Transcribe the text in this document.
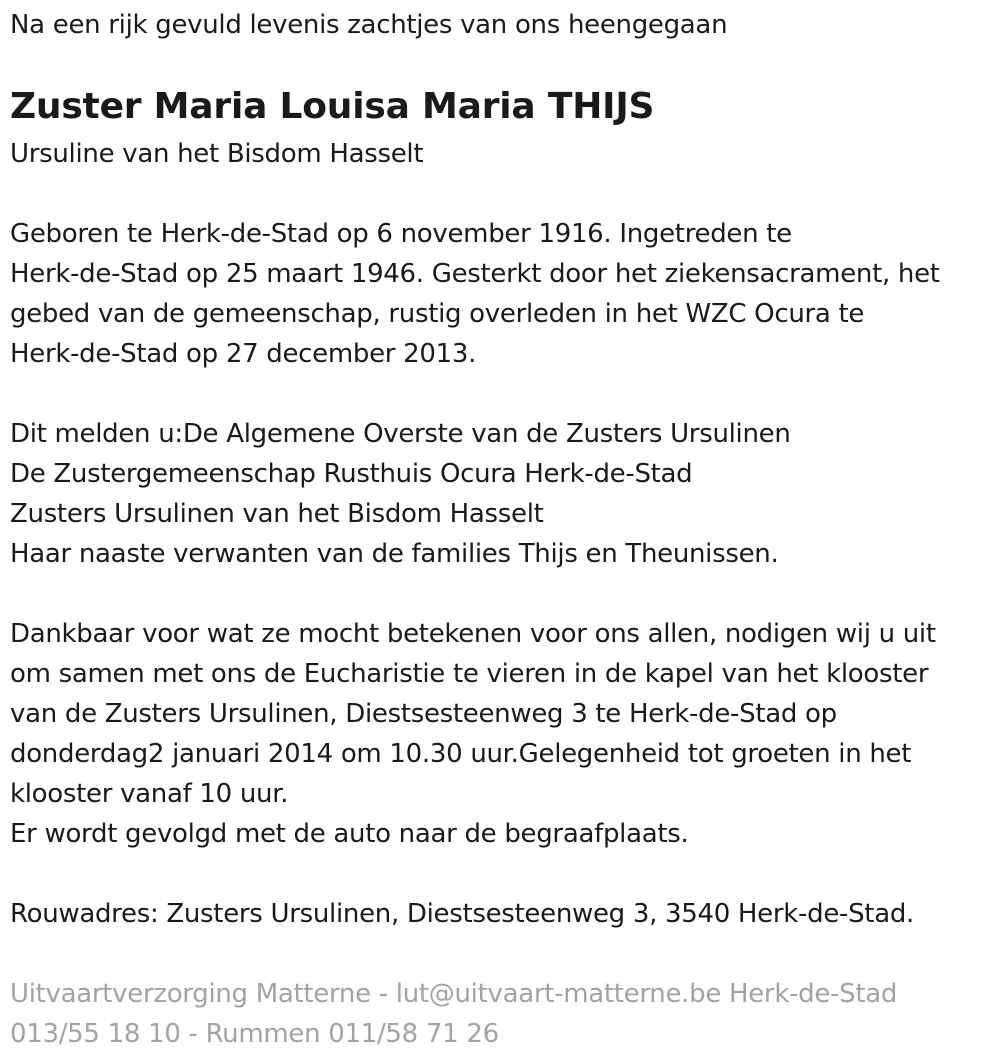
Na een rijk gevuld levenis zachtjes van ons heengegaan
Zuster Maria Louisa Maria THIJS
Ursuline van het Bisdom Hasselt
Geboren te Herk-de-Stad op 6 november 1916. Ingetreden te
Herk-de-Stad op 25 maart 1946. Gesterkt door het ziekensacrament, het
gebed van de gemeenschap, rustig overleden in het WZC Ocura te
Herk-de-Stad op 27 december 2013.
Dit melden u:De Algemene Overste van de Zusters Ursulinen
De Zustergemeenschap Rusthuis Ocura Herk-de-Stad
Zusters Ursulinen van het Bisdom Hasselt
Haar naaste verwanten van de families Thijs en Theunissen.
Dankbaar voor wat ze mocht betekenen voor ons allen, nodigen wij u uit
om samen met ons de Eucharistie te vieren in de kapel van het klooster
van de Zusters Ursulinen, Diestsesteenweg 3 te Herk-de-Stad op
donderdag2 januari 2014 om 10.30 uur.Gelegenheid tot groeten in het
klooster vanaf 10 uur.
Er wordt gevolgd met de auto naar de begraafplaats.
Rouwadres: Zusters Ursulinen, Diestsesteenweg 3, 3540 Herk-de-Stad.
Uitvaartverzorging Matterne - lut@uitvaart-matterne.be Herk-de-Stad
013/55 18 10 - Rummen 011/58 71 26
